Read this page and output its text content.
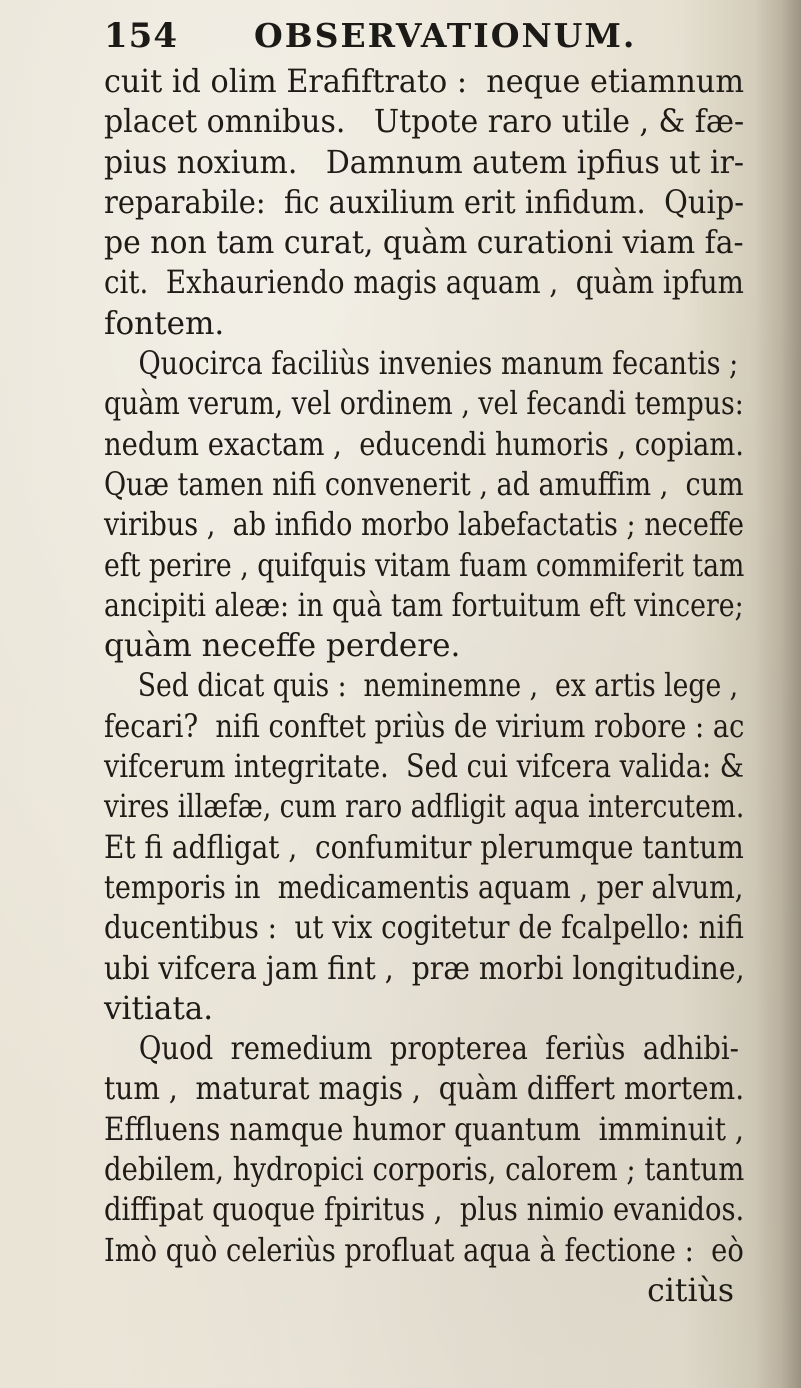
154 OBSERVATIONUM.
cuit id olim Erafiftrato :  neque etiamnum
placet omnibus.   Utpote raro utile , & fæ-
pius noxium.   Damnum autem ipfius ut ir-
reparabile:  fic auxilium erit infidum.  Quip-
pe non tam curat, quàm curationi viam fa-
cit.  Exhauriendo magis aquam ,  quàm ipfum
fontem.
Quocirca faciliùs invenies manum fecantis ;
quàm verum, vel ordinem , vel fecandi tempus:
nedum exactam ,  educendi humoris , copiam.
Quæ tamen nifi convenerit , ad amuffim ,  cum
viribus ,  ab infido morbo labefactatis ; neceffe
eft perire , quifquis vitam fuam commiferit tam
ancipiti aleæ: in quà tam fortuitum eft vincere;
quàm neceffe perdere.
Sed dicat quis :  neminemne ,  ex artis lege ,
fecari?  nifi conftet priùs de virium robore : ac
vifcerum integritate.  Sed cui vifcera valida: &
vires illæfæ, cum raro adfligit aqua intercutem.
Et fi adfligat ,  confumitur plerumque tantum
temporis in  medicamentis aquam , per alvum,
ducentibus :  ut vix cogitetur de fcalpello: nifi
ubi vifcera jam fint ,  præ morbi longitudine,
vitiata.
Quod  remedium  propterea  feriùs  adhibi-
tum ,  maturat magis ,  quàm differt mortem.
Effluens namque humor quantum  imminuit ,
debilem, hydropici corporis, calorem ; tantum
diffipat quoque fpiritus ,  plus nimio evanidos.
Imò quò celeriùs profluat aqua à fectione :  eò
citiùs
